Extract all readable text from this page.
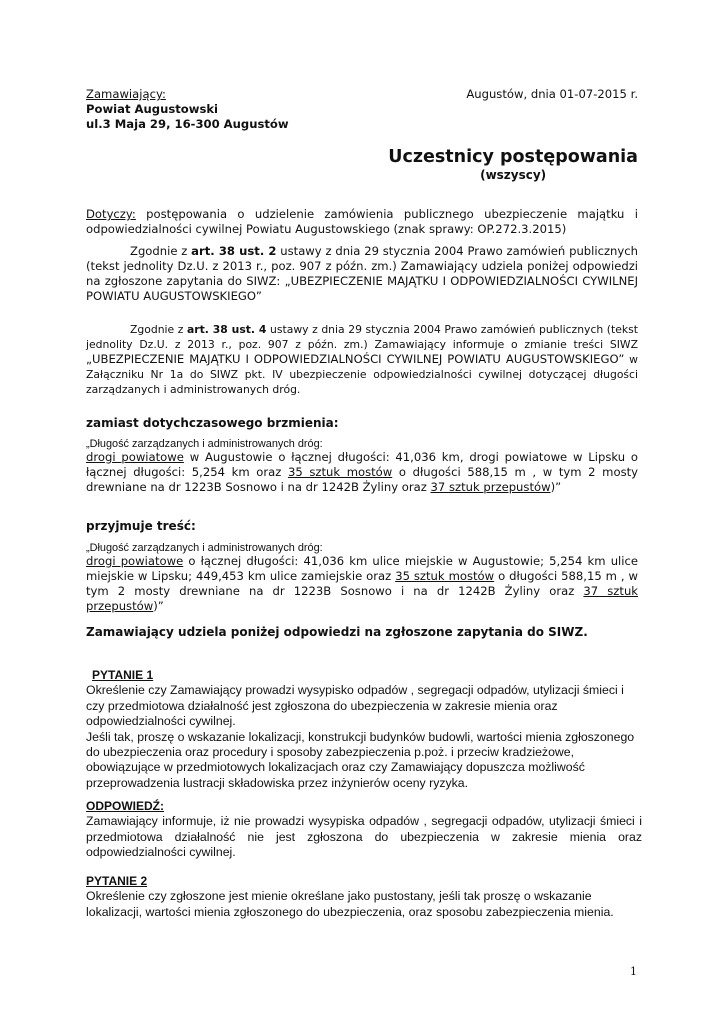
Zamawiający:
Powiat Augustowski
ul.3 Maja 29, 16-300 Augustów
Augustów, dnia 01-07-2015 r.
Uczestnicy postępowania
(wszyscy)
Dotyczy: postępowania o udzielenie zamówienia publicznego ubezpieczenie majątku i odpowiedzialności cywilnej Powiatu Augustowskiego (znak sprawy: OP.272.3.2015)
Zgodnie z art. 38 ust. 2 ustawy z dnia 29 stycznia 2004 Prawo zamówień publicznych (tekst jednolity Dz.U. z 2013 r., poz. 907 z późn. zm.) Zamawiający udziela poniżej odpowiedzi na zgłoszone zapytania do SIWZ: „UBEZPIECZENIE MAJĄTKU I ODPOWIEDZIALNOŚCI CYWILNEJ POWIATU AUGUSTOWSKIEGO”
Zgodnie z art. 38 ust. 4 ustawy z dnia 29 stycznia 2004 Prawo zamówień publicznych (tekst jednolity Dz.U. z 2013 r., poz. 907 z późn. zm.) Zamawiający informuje o zmianie treści SIWZ „UBEZPIECZENIE MAJĄTKU I ODPOWIEDZIALNOŚCI CYWILNEJ POWIATU AUGUSTOWSKIEGO” w Załączniku Nr 1a do SIWZ pkt. IV ubezpieczenie odpowiedzialności cywilnej dotyczącej długości zarządzanych i administrowanych dróg.
zamiast dotychczasowego brzmienia:
„Długość zarządzanych i administrowanych dróg:
drogi powiatowe w Augustowie o łącznej długości: 41,036 km, drogi powiatowe w Lipsku o łącznej długości: 5,254 km oraz 35 sztuk mostów o długości 588,15 m , w tym 2 mosty drewniane na dr 1223B Sosnowo i na dr 1242B Żyliny oraz 37 sztuk przepustów)”
przyjmuje treść:
„Długość zarządzanych i administrowanych dróg:
drogi powiatowe o łącznej długości: 41,036 km ulice miejskie w Augustowie; 5,254 km ulice miejskie w Lipsku; 449,453 km ulice zamiejskie oraz 35 sztuk mostów o długości 588,15 m , w tym 2 mosty drewniane na dr 1223B Sosnowo i na dr 1242B Żyliny oraz 37 sztuk przepustów)”
Zamawiający udziela poniżej odpowiedzi na zgłoszone zapytania do SIWZ.
PYTANIE 1
Określenie czy Zamawiający prowadzi wysypisko odpadów , segregacji odpadów, utylizacji śmieci i czy przedmiotowa działalność jest zgłoszona do ubezpieczenia w zakresie mienia oraz odpowiedzialności cywilnej.
Jeśli tak, proszę o wskazanie lokalizacji, konstrukcji budynków budowli, wartości mienia zgłoszonego do ubezpieczenia oraz procedury i sposoby zabezpieczenia p.poż. i przeciw kradzieżowe, obowiązujące w przedmiotowych lokalizacjach oraz czy Zamawiający dopuszcza możliwość przeprowadzenia lustracji składowiska przez inżynierów oceny ryzyka.
ODPOWIEDŹ:
Zamawiający informuje, iż nie prowadzi wysypiska odpadów , segregacji odpadów, utylizacji śmieci i przedmiotowa działalność nie jest zgłoszona do ubezpieczenia w zakresie mienia oraz odpowiedzialności cywilnej.
PYTANIE 2
Określenie czy zgłoszone jest mienie określane jako pustostany, jeśli tak proszę o wskazanie lokalizacji, wartości mienia zgłoszonego do ubezpieczenia, oraz sposobu zabezpieczenia mienia.
1
